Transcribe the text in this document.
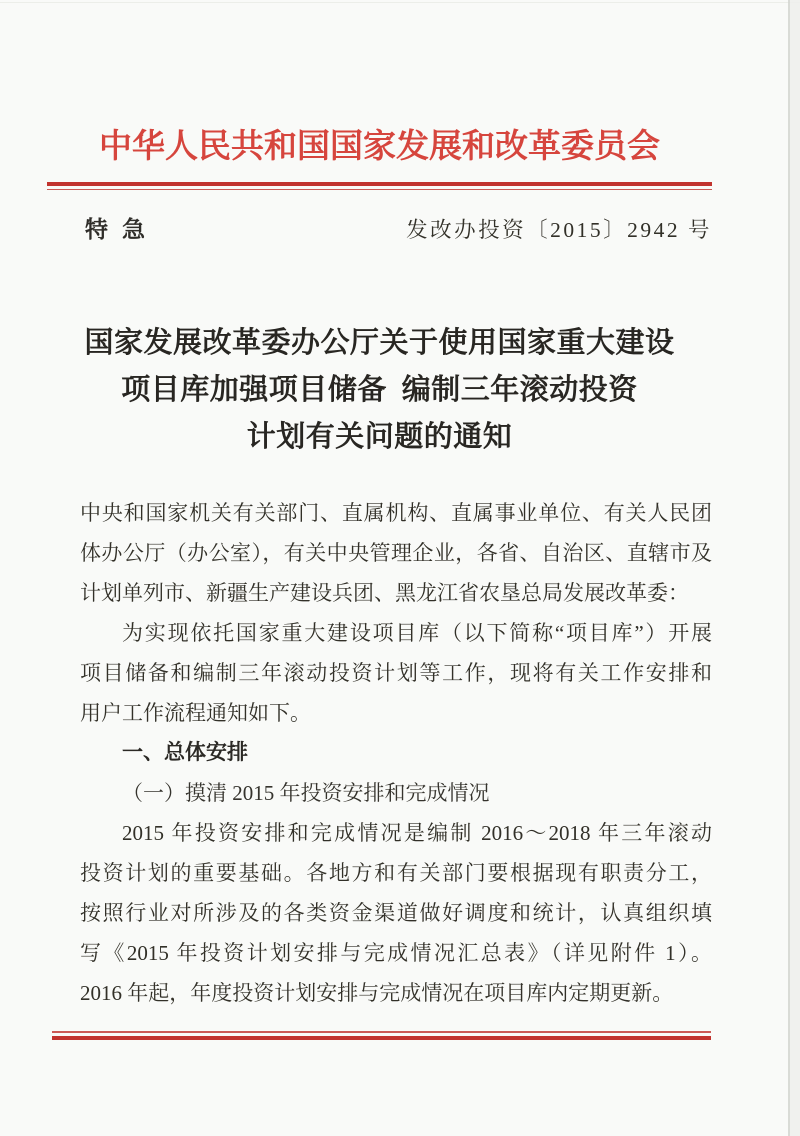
中华人民共和国国家发展和改革委员会
特急	发改办投资〔2015〕2942 号
国家发展改革委办公厅关于使用国家重大建设
项目库加强项目储备 编制三年滚动投资
计划有关问题的通知
中央和国家机关有关部门、直属机构、直属事业单位、有关人民团
体办公厅（办公室），有关中央管理企业，各省、自治区、直辖市及
计划单列市、新疆生产建设兵团、黑龙江省农垦总局发展改革委：
为实现依托国家重大建设项目库（以下简称“项目库”）开展
项目储备和编制三年滚动投资计划等工作，现将有关工作安排和
用户工作流程通知如下。
一、总体安排
（一）摸清 2015 年投资安排和完成情况
2015 年投资安排和完成情况是编制 2016～2018 年三年滚动
投资计划的重要基础。各地方和有关部门要根据现有职责分工，
按照行业对所涉及的各类资金渠道做好调度和统计，认真组织填
写《2015 年投资计划安排与完成情况汇总表》（详见附件 1）。
2016 年起，年度投资计划安排与完成情况在项目库内定期更新。
